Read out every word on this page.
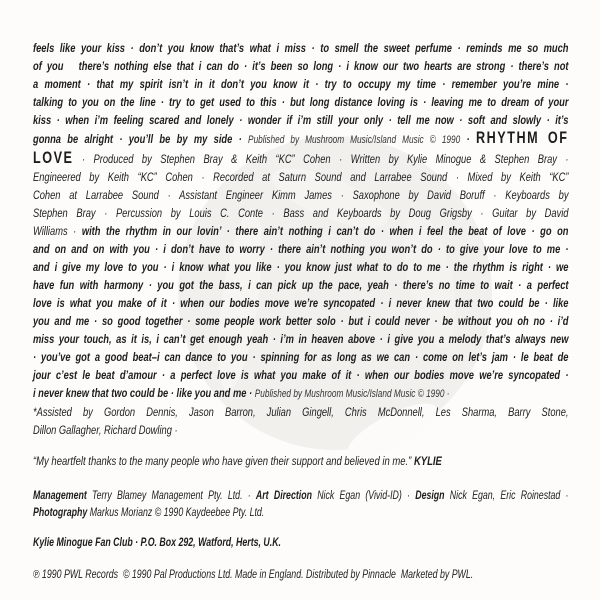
feels like your kiss · don’t you know that’s what i miss · to smell the sweet perfume · reminds me so much
of you   there’s nothing else that i can do · it’s been so long · i know our two hearts are strong · there’s not
a moment · that my spirit isn’t in it don’t you know it · try to occupy my time · remember you’re mine ·
talking to you on the line · try to get used to this · but long distance loving is · leaving me to dream of your
kiss · when i’m feeling scared and lonely · wonder if i’m still your only · tell me now · soft and slowly · it’s
gonna be alright · you’ll be by my side · Published by Mushroom Music/Island Music © 1990 · RHYTHM OF
LOVE · Produced by Stephen Bray & Keith “KC” Cohen · Written by Kylie Minogue & Stephen Bray ·
Engineered by Keith “KC” Cohen · Recorded at Saturn Sound and Larrabee Sound · Mixed by Keith “KC”
Cohen at Larrabee Sound · Assistant Engineer Kimm James · Saxophone by David Boruff · Keyboards by
Stephen Bray · Percussion by Louis C. Conte · Bass and Keyboards by Doug Grigsby · Guitar by David
Williams · with the rhythm in our lovin’ · there ain’t nothing i can’t do · when i feel the beat of love · go on
and on and on with you · i don’t have to worry · there ain’t nothing you won’t do · to give your love to me ·
and i give my love to you · i know what you like · you know just what to do to me · the rhythm is right · we
have fun with harmony · you got the bass, i can pick up the pace, yeah · there’s no time to wait · a perfect
love is what you make of it · when our bodies move we’re syncopated · i never knew that two could be · like
you and me · so good together · some people work better solo · but i could never · be without you oh no · i’d
miss your touch, as it is, i can’t get enough yeah · i’m in heaven above · i give you a melody that’s always new
· you’ve got a good beat–i can dance to you · spinning for as long as we can · come on let’s jam · le beat de
jour c’est le beat d’amour · a perfect love is what you make of it · when our bodies move we’re syncopated ·
i never knew that two could be · like you and me · Published by Mushroom Music/Island Music © 1990 ·
*Assisted by Gordon Dennis, Jason Barron, Julian Gingell, Chris McDonnell, Les Sharma, Barry Stone,
Dillon Gallagher, Richard Dowling ·
“My heartfelt thanks to the many people who have given their support and believed in me.” KYLIE
Management Terry Blamey Management Pty. Ltd. · Art Direction Nick Egan (Vivid-ID) · Design Nick Egan, Eric Roinestad ·
Photography Markus Morianz © 1990 Kaydeebee Pty. Ltd.
Kylie Minogue Fan Club · P.O. Box 292, Watford, Herts, U.K.
℗ 1990 PWL Records  © 1990 Pal Productions Ltd. Made in England. Distributed by Pinnacle  Marketed by PWL.
